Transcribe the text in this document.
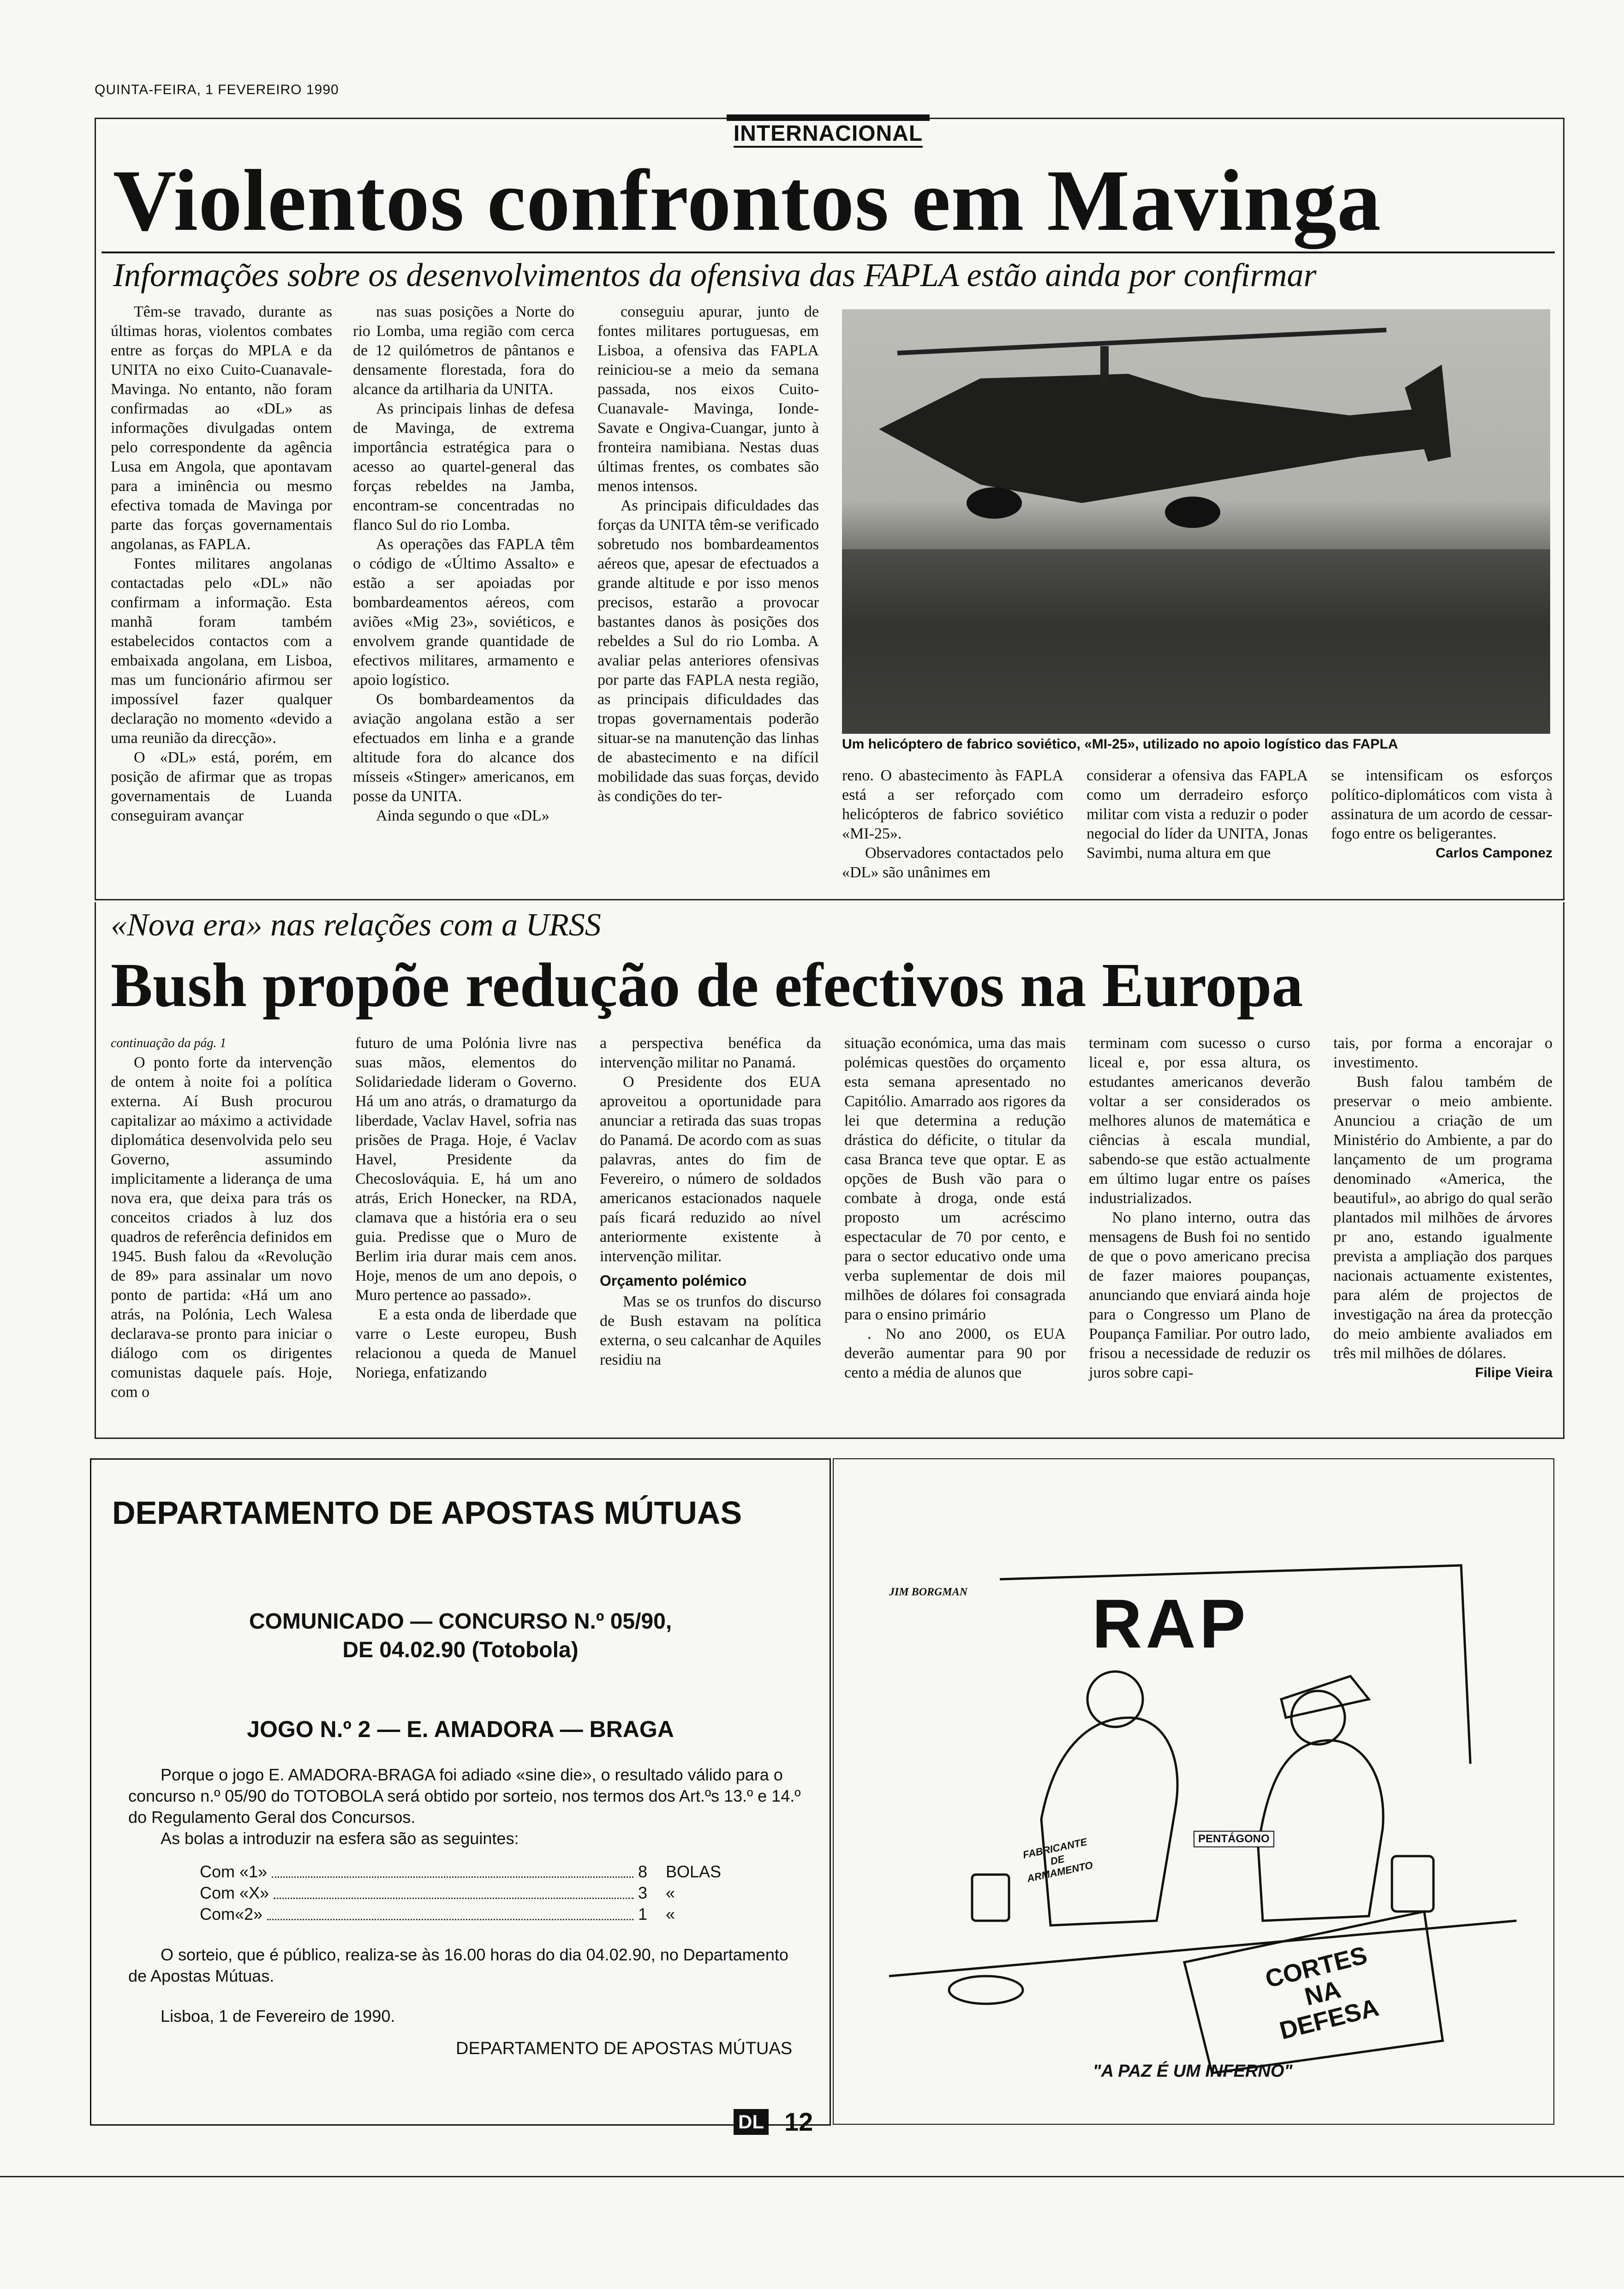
QUINTA-FEIRA, 1 FEVEREIRO 1990
INTERNACIONAL
Violentos confrontos em Mavinga
Informações sobre os desenvolvimentos da ofensiva das FAPLA estão ainda por confirmar

Têm-se travado, durante as últimas horas, violentos combates entre as forças do MPLA e da UNITA no eixo Cuito-Cuanavale-Mavinga. No entanto, não foram confirmadas ao «DL» as informações divulgadas ontem pelo correspondente da agência Lusa em Angola, que apontavam para a iminência ou mesmo efectiva tomada de Mavinga por parte das forças governamentais angolanas, as FAPLA.

Fontes militares angolanas contactadas pelo «DL» não confirmam a informação. Esta manhã foram também estabelecidos contactos com a embaixada angolana, em Lisboa, mas um funcionário afirmou ser impossível fazer qualquer declaração no momento «devido a uma reunião da direcção».

O «DL» está, porém, em posição de afirmar que as tropas governamentais de Luanda conseguiram avançar

nas suas posições a Norte do rio Lomba, uma região com cerca de 12 quilómetros de pântanos e densamente florestada, fora do alcance da artilharia da UNITA.

As principais linhas de defesa de Mavinga, de extrema importância estratégica para o acesso ao quartel-general das forças rebeldes na Jamba, encontram-se concentradas no flanco Sul do rio Lomba.

As operações das FAPLA têm o código de «Último Assalto» e estão a ser apoiadas por bombardeamentos aéreos, com aviões «Mig 23», soviéticos, e envolvem grande quantidade de efectivos militares, armamento e apoio logístico.

Os bombardeamentos da aviação angolana estão a ser efectuados em linha e a grande altitude fora do alcance dos mísseis «Stinger» americanos, em posse da UNITA.

Ainda segundo o que «DL»

conseguiu apurar, junto de fontes militares portuguesas, em Lisboa, a ofensiva das FAPLA reiniciou-se a meio da semana passada, nos eixos Cuito-Cuanavale- Mavinga, Ionde-Savate e Ongiva-Cuangar, junto à fronteira namibiana. Nestas duas últimas frentes, os combates são menos intensos.

As principais dificuldades das forças da UNITA têm-se verificado sobretudo nos bombardeamentos aéreos que, apesar de efectuados a grande altitude e por isso menos precisos, estarão a provocar bastantes danos às posições dos rebeldes a Sul do rio Lomba. A avaliar pelas anteriores ofensivas por parte das FAPLA nesta região, as principais dificuldades das tropas governamentais poderão situar-se na manutenção das linhas de abastecimento e na difícil mobilidade das suas forças, devido às condições do ter-

Um helicóptero de fabrico soviético, «MI-25», utilizado no apoio logístico das FAPLA

reno. O abastecimento às FAPLA está a ser reforçado com helicópteros de fabrico soviético «MI-25».

Observadores contactados pelo «DL» são unânimes em

considerar a ofensiva das FAPLA como um derradeiro esforço militar com vista a reduzir o poder negocial do líder da UNITA, Jonas Savimbi, numa altura em que

se intensificam os esforços político-diplomáticos com vista à assinatura de um acordo de cessar-fogo entre os beligerantes.

Carlos Camponez
«Nova era» nas relações com a URSS
Bush propõe redução de efectivos na Europa
continuação da pág. 1

O ponto forte da intervenção de ontem à noite foi a política externa. Aí Bush procurou capitalizar ao máximo a actividade diplomática desenvolvida pelo seu Governo, assumindo implicitamente a liderança de uma nova era, que deixa para trás os conceitos criados à luz dos quadros de referência definidos em 1945. Bush falou da «Revolução de 89» para assinalar um novo ponto de partida: «Há um ano atrás, na Polónia, Lech Walesa declarava-se pronto para iniciar o diálogo com os dirigentes comunistas daquele país. Hoje, com o

futuro de uma Polónia livre nas suas mãos, elementos do Solidariedade lideram o Governo. Há um ano atrás, o dramaturgo da liberdade, Vaclav Havel, sofria nas prisões de Praga. Hoje, é Vaclav Havel, Presidente da Checoslováquia. E, há um ano atrás, Erich Honecker, na RDA, clamava que a história era o seu guia. Predisse que o Muro de Berlim iria durar mais cem anos. Hoje, menos de um ano depois, o Muro pertence ao passado».

E a esta onda de liberdade que varre o Leste europeu, Bush relacionou a queda de Manuel Noriega, enfatizando

a perspectiva benéfica da intervenção militar no Panamá.

O Presidente dos EUA aproveitou a oportunidade para anunciar a retirada das suas tropas do Panamá. De acordo com as suas palavras, antes do fim de Fevereiro, o número de soldados americanos estacionados naquele país ficará reduzido ao nível anteriormente existente à intervenção militar.

Orçamento polémico

Mas se os trunfos do discurso de Bush estavam na política externa, o seu calcanhar de Aquiles residiu na

situação económica, uma das mais polémicas questões do orçamento esta semana apresentado no Capitólio. Amarrado aos rigores da lei que determina a redução drástica do déficite, o titular da casa Branca teve que optar. E as opções de Bush vão para o combate à droga, onde está proposto um acréscimo espectacular de 70 por cento, e para o sector educativo onde uma verba suplementar de dois mil milhões de dólares foi consagrada para o ensino primário

. No ano 2000, os EUA deverão aumentar para 90 por cento a média de alunos que

terminam com sucesso o curso liceal e, por essa altura, os estudantes americanos deverão voltar a ser considerados os melhores alunos de matemática e ciências à escala mundial, sabendo-se que estão actualmente em último lugar entre os países industrializados.

No plano interno, outra das mensagens de Bush foi no sentido de que o povo americano precisa de fazer maiores poupanças, anunciando que enviará ainda hoje para o Congresso um Plano de Poupança Familiar. Por outro lado, frisou a necessidade de reduzir os juros sobre capi-

tais, por forma a encorajar o investimento.

Bush falou também de preservar o meio ambiente. Anunciou a criação de um Ministério do Ambiente, a par do lançamento de um programa denominado «America, the beautiful», ao abrigo do qual serão plantados mil milhões de árvores pr ano, estando igualmente prevista a ampliação dos parques nacionais actuamente existentes, para além de projectos de investigação na área da protecção do meio ambiente avaliados em três mil milhões de dólares.

Filipe Vieira
DEPARTAMENTO DE APOSTAS MÚTUAS
COMUNICADO — CONCURSO N.º 05/90,
DE 04.02.90 (Totobola)
JOGO N.º 2 — E. AMADORA — BRAGA
Porque o jogo E. AMADORA-BRAGA foi adiado «sine die», o resultado válido para o concurso n.º 05/90 do TOTOBOLA será obtido por sorteio, nos termos dos Art.ºs 13.º e 14.º do Regulamento Geral dos Concursos.
As bolas a introduzir na esfera são as seguintes:
Com «1»	8	BOLAS
Com «X»	3	«
Com«2»	1	«
O sorteio, que é público, realiza-se às 16.00 horas do dia 04.02.90, no Departamento de Apostas Mútuas.
Lisboa, 1 de Fevereiro de 1990.
DEPARTAMENTO DE APOSTAS MÚTUAS
JIM BORGMAN RAP
FABRICANTE DE ARMAMENTO
PENTÁGONO
CORTES NA DEFESA
"A PAZ É UM INFERNO"
DL 12
